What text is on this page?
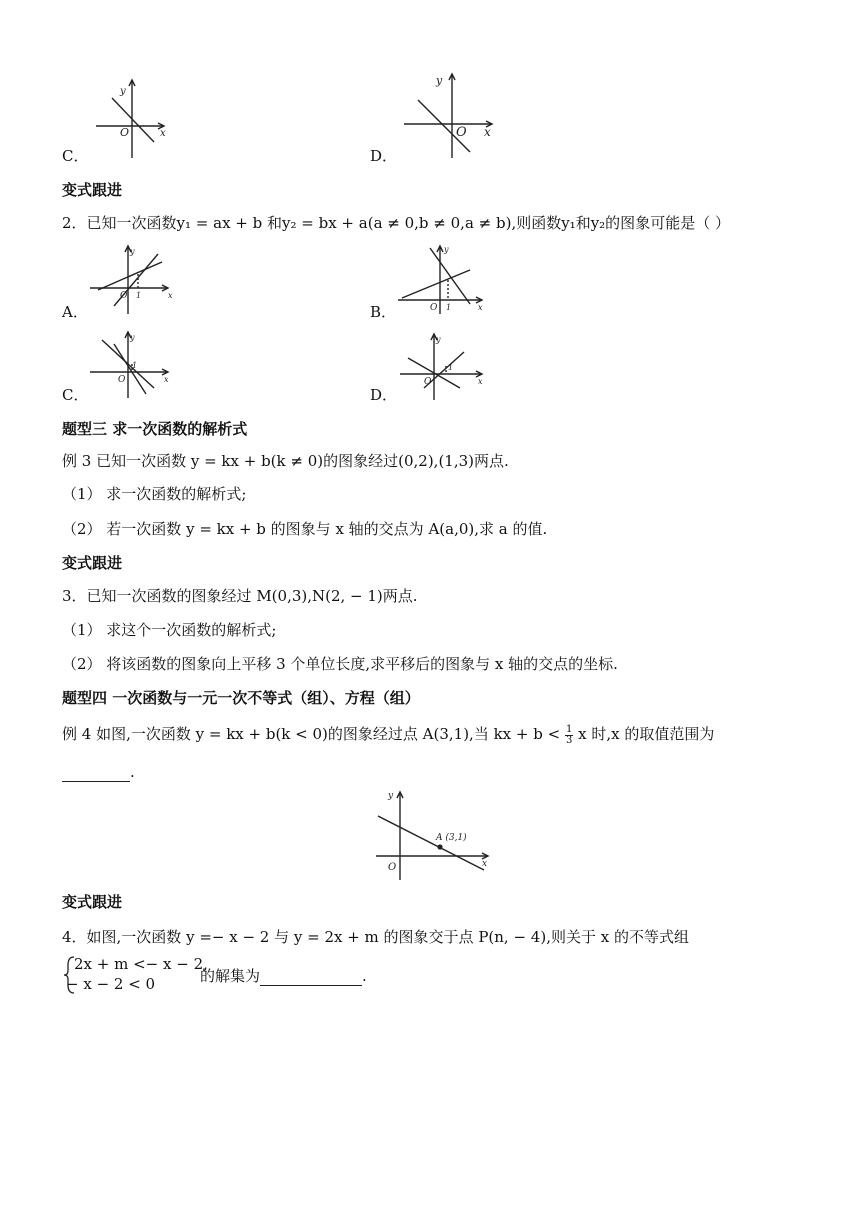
y
x
O
C．
y
x
O
D．
变式跟进
2．已知一次函数y₁ = ax + b 和y₂ = bx + a(a ≠ 0,b ≠ 0,a ≠ b),则函数y₁和y₂的图象可能是（ ）
y
x
O 1
A．
y
x
O 1
B．
y
x
O
1
C．
y
x
O
1
D．
题型三 求一次函数的解析式
例 3 已知一次函数 y = kx + b(k ≠ 0)的图象经过(0,2),(1,3)两点.
（1） 求一次函数的解析式;
（2） 若一次函数 y = kx + b 的图象与 x 轴的交点为 A(a,0),求 a 的值.
变式跟进
3．已知一次函数的图象经过 M(0,3),N(2, − 1)两点.
（1） 求这个一次函数的解析式;
（2） 将该函数的图象向上平移 3 个单位长度,求平移后的图象与 x 轴的交点的坐标.
题型四 一次函数与一元一次不等式（组）、方程（组）
例 4 如图,一次函数 y = kx + b(k < 0)的图象经过点 A(3,1),当 kx + $b < \frac{1}{3}$ x 时,x 的取值范围为
.
y
x
O
A (3,1)
变式跟进
4．如图,一次函数 y =− x − 2 与 y = 2x + m 的图象交于点 P(n, − 4),则关于 x 的不等式组
2x + m <− x − 2,
− x − 2 < 0	的解集为	.
